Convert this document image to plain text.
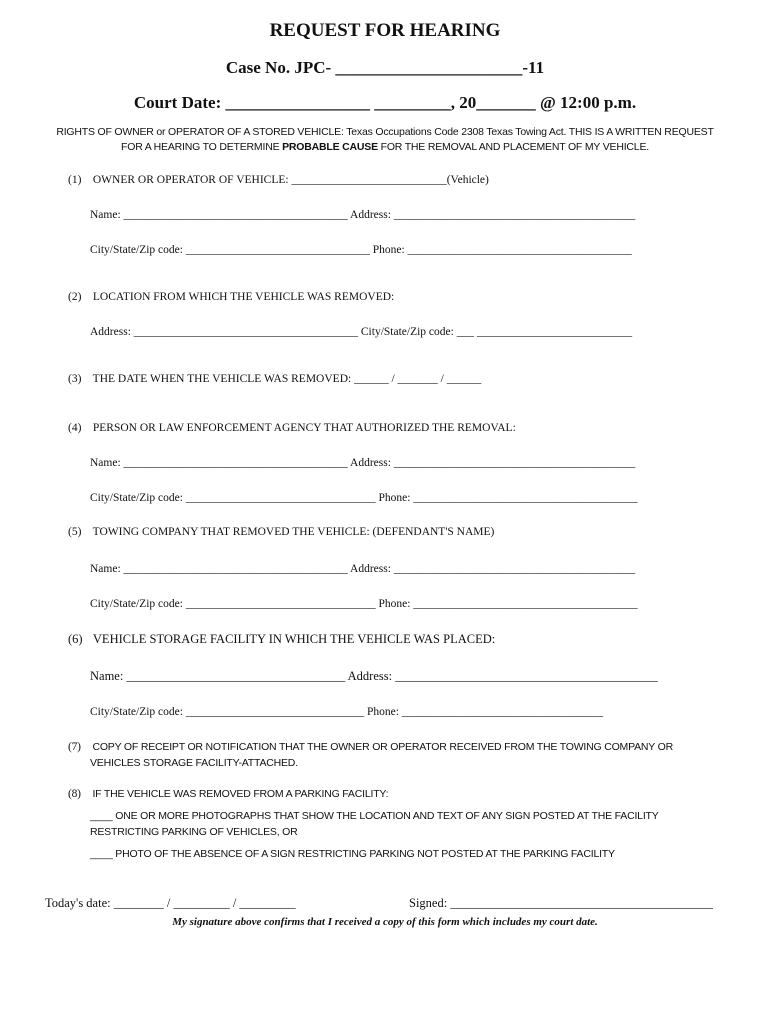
REQUEST FOR HEARING
Case No. JPC- ______________________-11
Court Date: _________________ _________, 20_______ @ 12:00 p.m.
RIGHTS OF OWNER or OPERATOR OF A STORED VEHICLE: Texas Occupations Code 2308 Texas Towing Act. THIS IS A WRITTEN REQUEST
FOR A HEARING TO DETERMINE PROBABLE CAUSE FOR THE REMOVAL AND PLACEMENT OF MY VEHICLE.
(1) OWNER OR OPERATOR OF VEHICLE: ___________________________(Vehicle)
Name: _______________________________________ Address: __________________________________________
City/State/Zip code: ________________________________ Phone: _______________________________________
(2) LOCATION FROM WHICH THE VEHICLE WAS REMOVED:
Address: _______________________________________ City/State/Zip code: ___ ___________________________
(3) THE DATE WHEN THE VEHICLE WAS REMOVED: ______ / _______ / ______
(4) PERSON OR LAW ENFORCEMENT AGENCY THAT AUTHORIZED THE REMOVAL:
Name: _______________________________________ Address: __________________________________________
City/State/Zip code: _________________________________ Phone: _______________________________________
(5) TOWING COMPANY THAT REMOVED THE VEHICLE: (DEFENDANT'S NAME)
Name: _______________________________________ Address: __________________________________________
City/State/Zip code: _________________________________ Phone: _______________________________________
(6) VEHICLE STORAGE FACILITY IN WHICH THE VEHICLE WAS PLACED:
Name: ___________________________________ Address: __________________________________________
City/State/Zip code: _______________________________ Phone: ___________________________________
(7) COPY OF RECEIPT OR NOTIFICATION THAT THE OWNER OR OPERATOR RECEIVED FROM THE TOWING COMPANY OR
VEHICLES STORAGE FACILITY-ATTACHED.
(8) IF THE VEHICLE WAS REMOVED FROM A PARKING FACILITY:
____ ONE OR MORE PHOTOGRAPHS THAT SHOW THE LOCATION AND TEXT OF ANY SIGN POSTED AT THE FACILITY
RESTRICTING PARKING OF VEHICLES, OR
____ PHOTO OF THE ABSENCE OF A SIGN RESTRICTING PARKING NOT POSTED AT THE PARKING FACILITY
Today's date: ________ / _________ / _________	Signed: __________________________________________
My signature above confirms that I received a copy of this form which includes my court date.
